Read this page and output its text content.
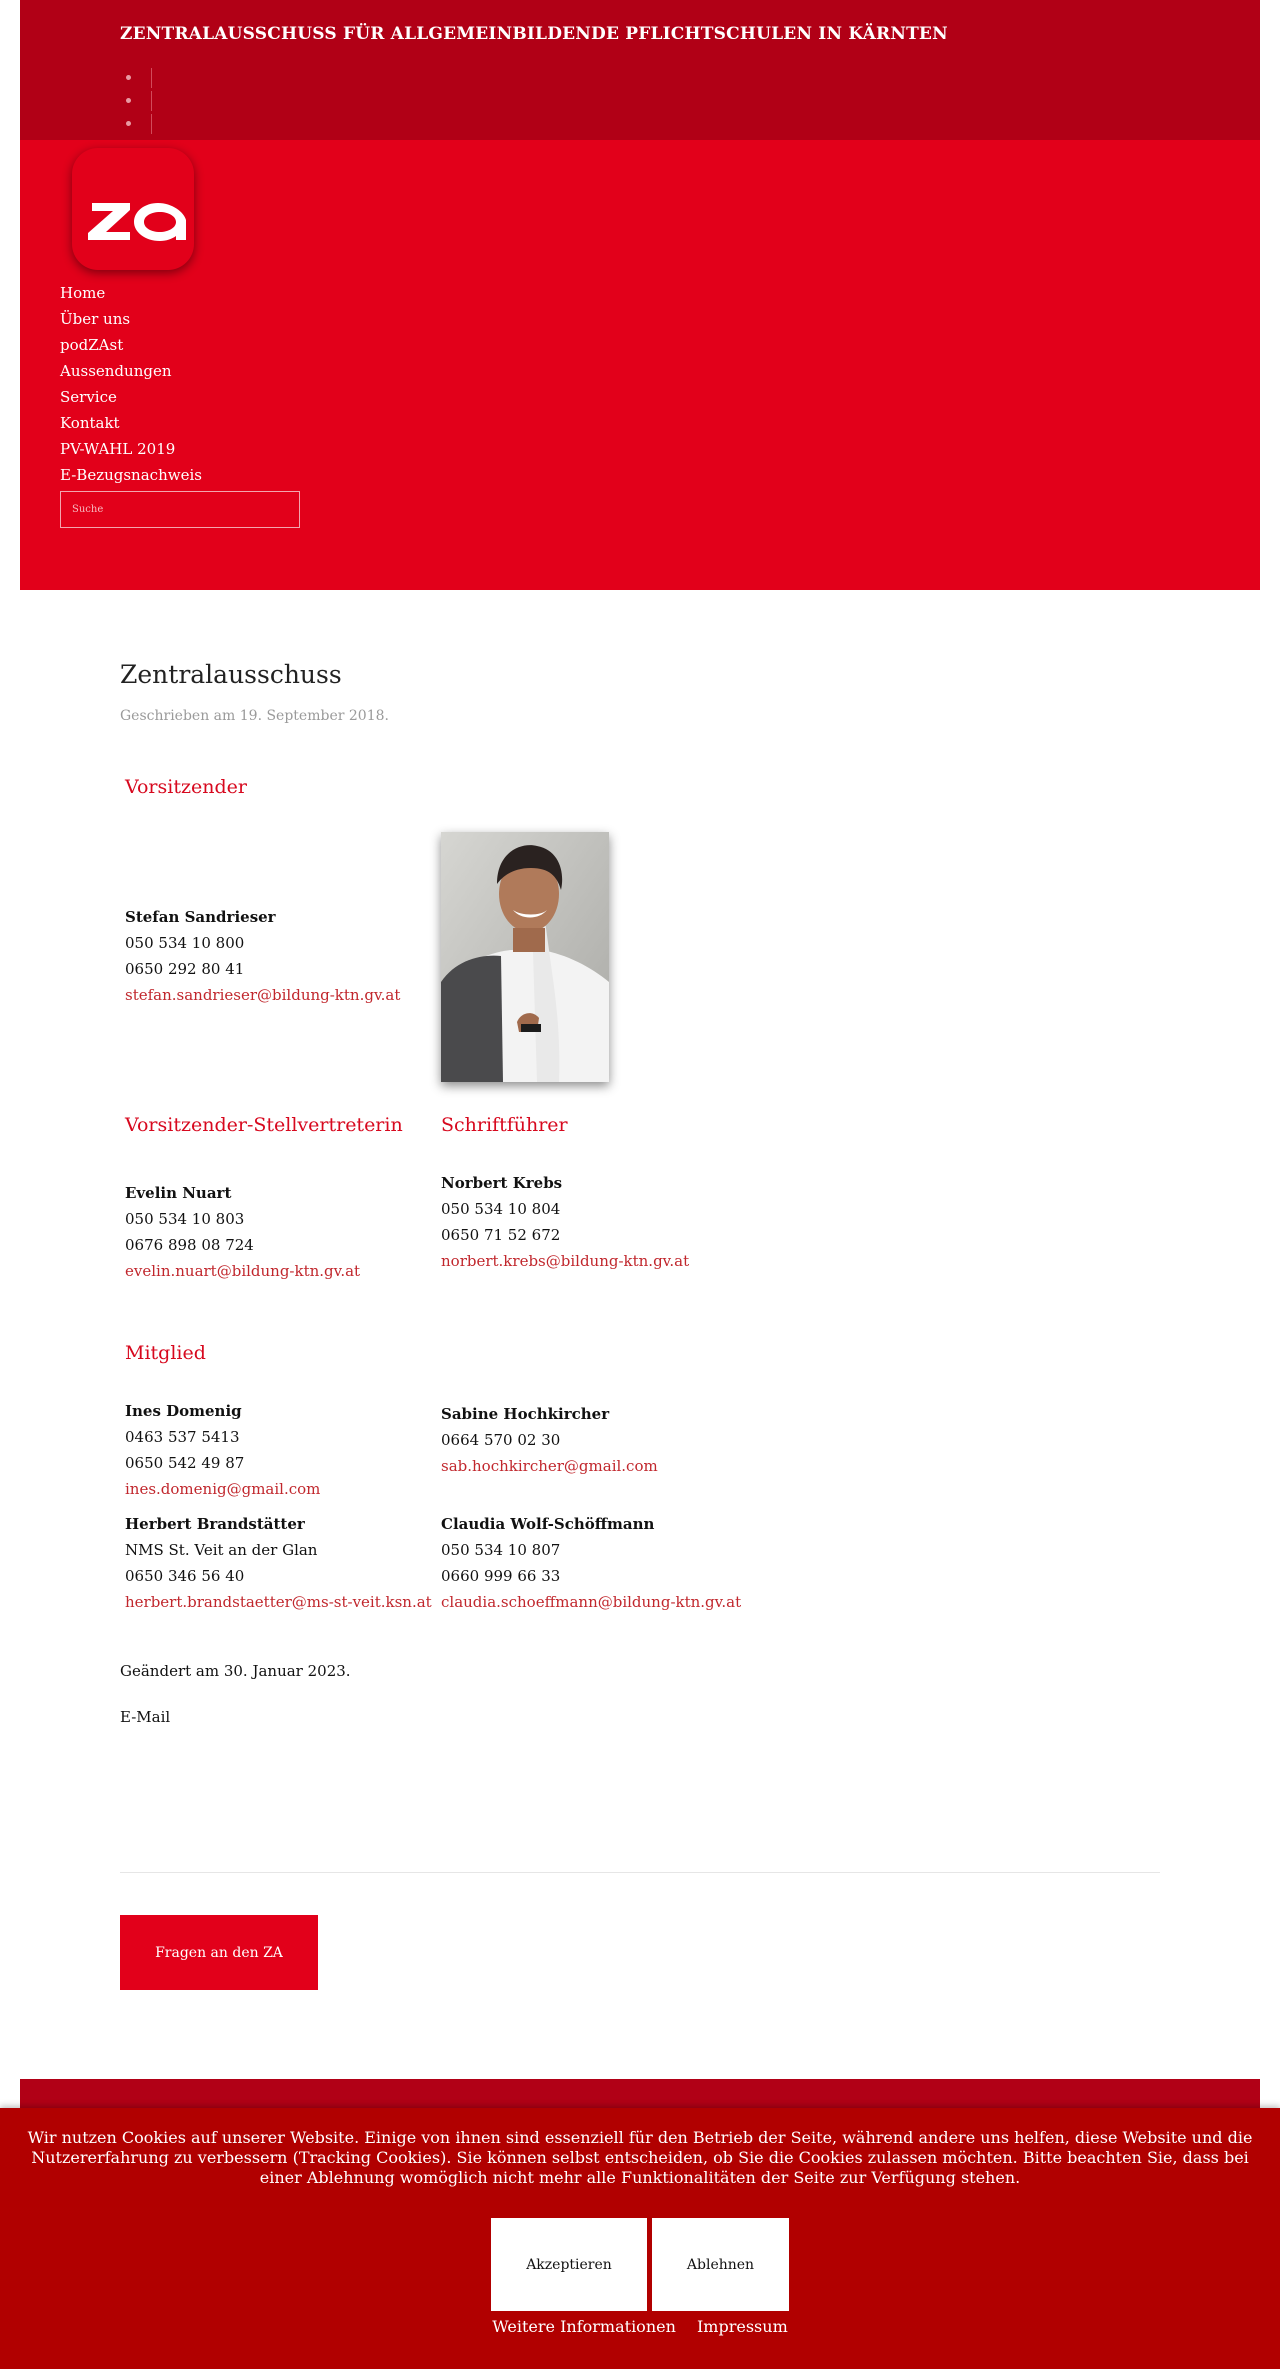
ZENTRALAUSSCHUSS FÜR ALLGEMEINBILDENDE PFLICHTSCHULEN IN KÄRNTEN
Home
Über uns
podZAst
Aussendungen
Service
Kontakt
PV-WAHL 2019
E-Bezugsnachweis
Suche
Zentralausschuss
Geschrieben am 19. September 2018.
Vorsitzender
Stefan Sandrieser
050 534 10 800
0650 292 80 41
stefan.sandrieser@bildung-ktn.gv.at
Vorsitzender-Stellvertreterin
Evelin Nuart
050 534 10 803
0676 898 08 724
evelin.nuart@bildung-ktn.gv.at
Schriftführer
Norbert Krebs
050 534 10 804
0650 71 52 672
norbert.krebs@bildung-ktn.gv.at
Mitglied
Ines Domenig
0463 537 5413
0650 542 49 87
ines.domenig@gmail.com
Sabine Hochkircher
0664 570 02 30
sab.hochkircher@gmail.com
Herbert Brandstätter
NMS St. Veit an der Glan
0650 346 56 40
herbert.brandstaetter@ms-st-veit.ksn.at
Claudia Wolf-Schöffmann
050 534 10 807
0660 999 66 33
claudia.schoeffmann@bildung-ktn.gv.at
Geändert am 30. Januar 2023.
E-Mail
Fragen an den ZA
Wir nutzen Cookies auf unserer Website. Einige von ihnen sind essenziell für den Betrieb der Seite, während andere uns helfen, diese Website und die Nutzererfahrung zu verbessern (Tracking Cookies). Sie können selbst entscheiden, ob Sie die Cookies zulassen möchten. Bitte beachten Sie, dass bei einer Ablehnung womöglich nicht mehr alle Funktionalitäten der Seite zur Verfügung stehen.
Akzeptieren	Ablehnen
Weitere Informationen Impressum
